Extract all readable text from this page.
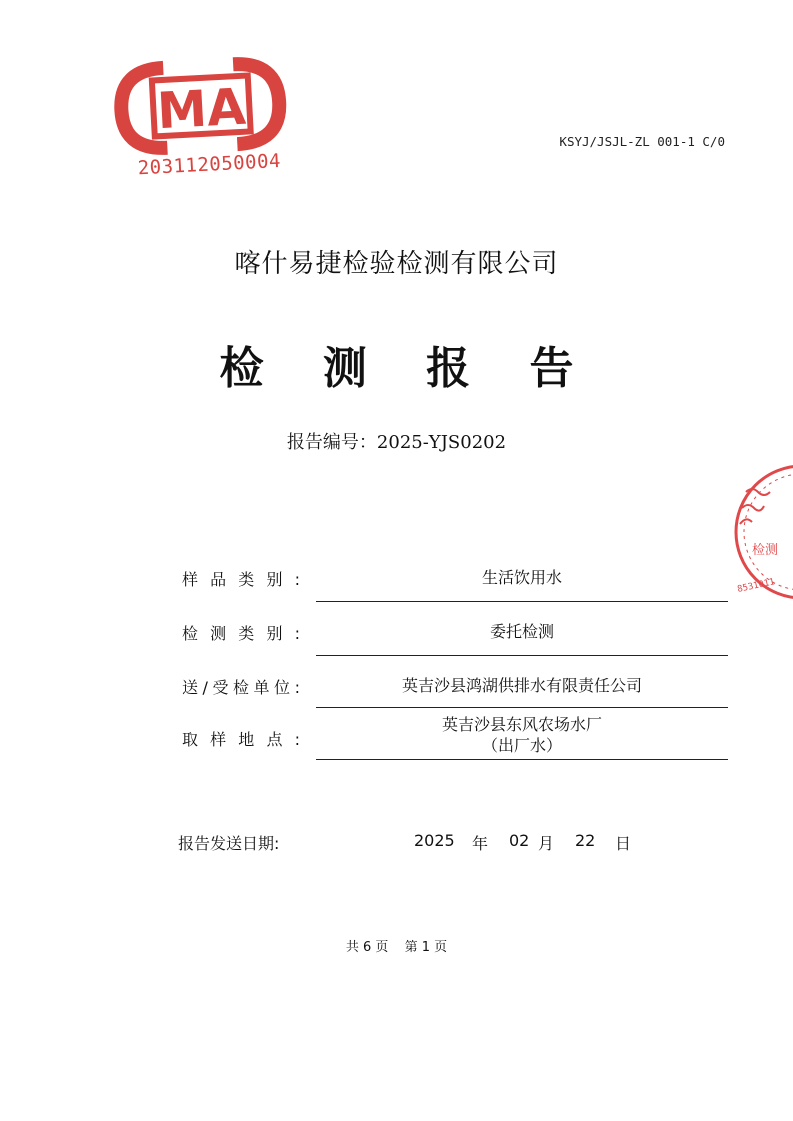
MA
203112050004
KSYJ/JSJL-ZL 001-1 C/0
喀什易捷检验检测有限公司
检 测 报 告
报告编号：2025-YJS0202
样品类别:	生活饮用水
检测类别:	委托检测
送/受检单位:	英吉沙县鸿湖供排水有限责任公司
取样地点:
英吉沙县东风农场水厂
（出厂水）
报告发送日期:	2025 年 02 月 22 日
共 6 页 第 1 页
检测
8531011
